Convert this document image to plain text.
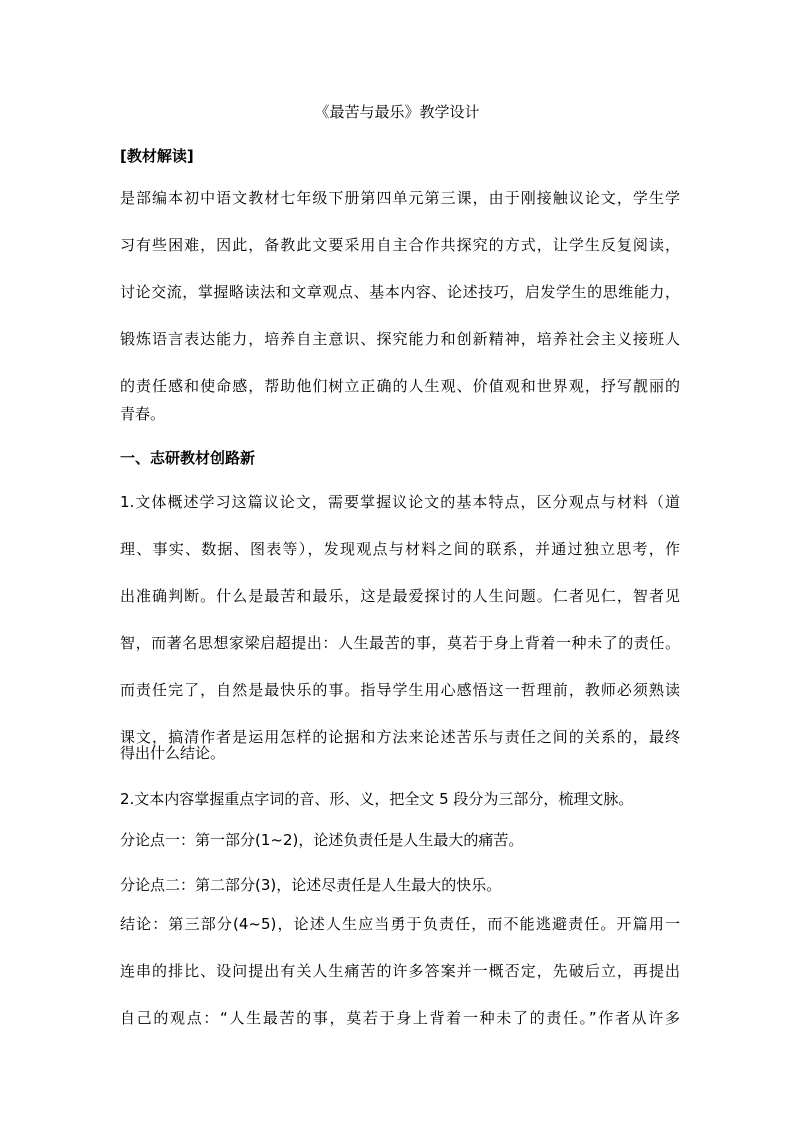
《最苦与最乐》教学设计
[教材解读]
是部编本初中语文教材七年级下册第四单元第三课，由于刚接触议论文，学生学
习有些困难，因此，备教此文要采用自主合作共探究的方式，让学生反复阅读，
讨论交流，掌握略读法和文章观点、基本内容、论述技巧，启发学生的思维能力，
锻炼语言表达能力，培养自主意识、探究能力和创新精神，培养社会主义接班人
的责任感和使命感，帮助他们树立正确的人生观、价值观和世界观，抒写靓丽的
青春。
一、志研教材创路新
1.文体概述学习这篇议论文，需要掌握议论文的基本特点，区分观点与材料（道
理、事实、数据、图表等），发现观点与材料之间的联系，并通过独立思考，作
出准确判断。什么是最苦和最乐，这是最爱探讨的人生问题。仁者见仁，智者见
智，而著名思想家梁启超提出：人生最苦的事，莫若于身上背着一种未了的责任。
而责任完了，自然是最快乐的事。指导学生用心感悟这一哲理前，教师必须熟读
课文，搞清作者是运用怎样的论据和方法来论述苦乐与责任之间的关系的，最终
得出什么结论。
2.文本内容掌握重点字词的音、形、义，把全文 5 段分为三部分，梳理文脉。
分论点一：第一部分(1~2)，论述负责任是人生最大的痛苦。
分论点二：第二部分(3)，论述尽责任是人生最大的快乐。
结论：第三部分(4~5)，论述人生应当勇于负责任，而不能逃避责任。开篇用一
连串的排比、设问提出有关人生痛苦的许多答案并一概否定，先破后立，再提出
自己的观点：“人生最苦的事，莫若于身上背着一种未了的责任。”作者从许多
